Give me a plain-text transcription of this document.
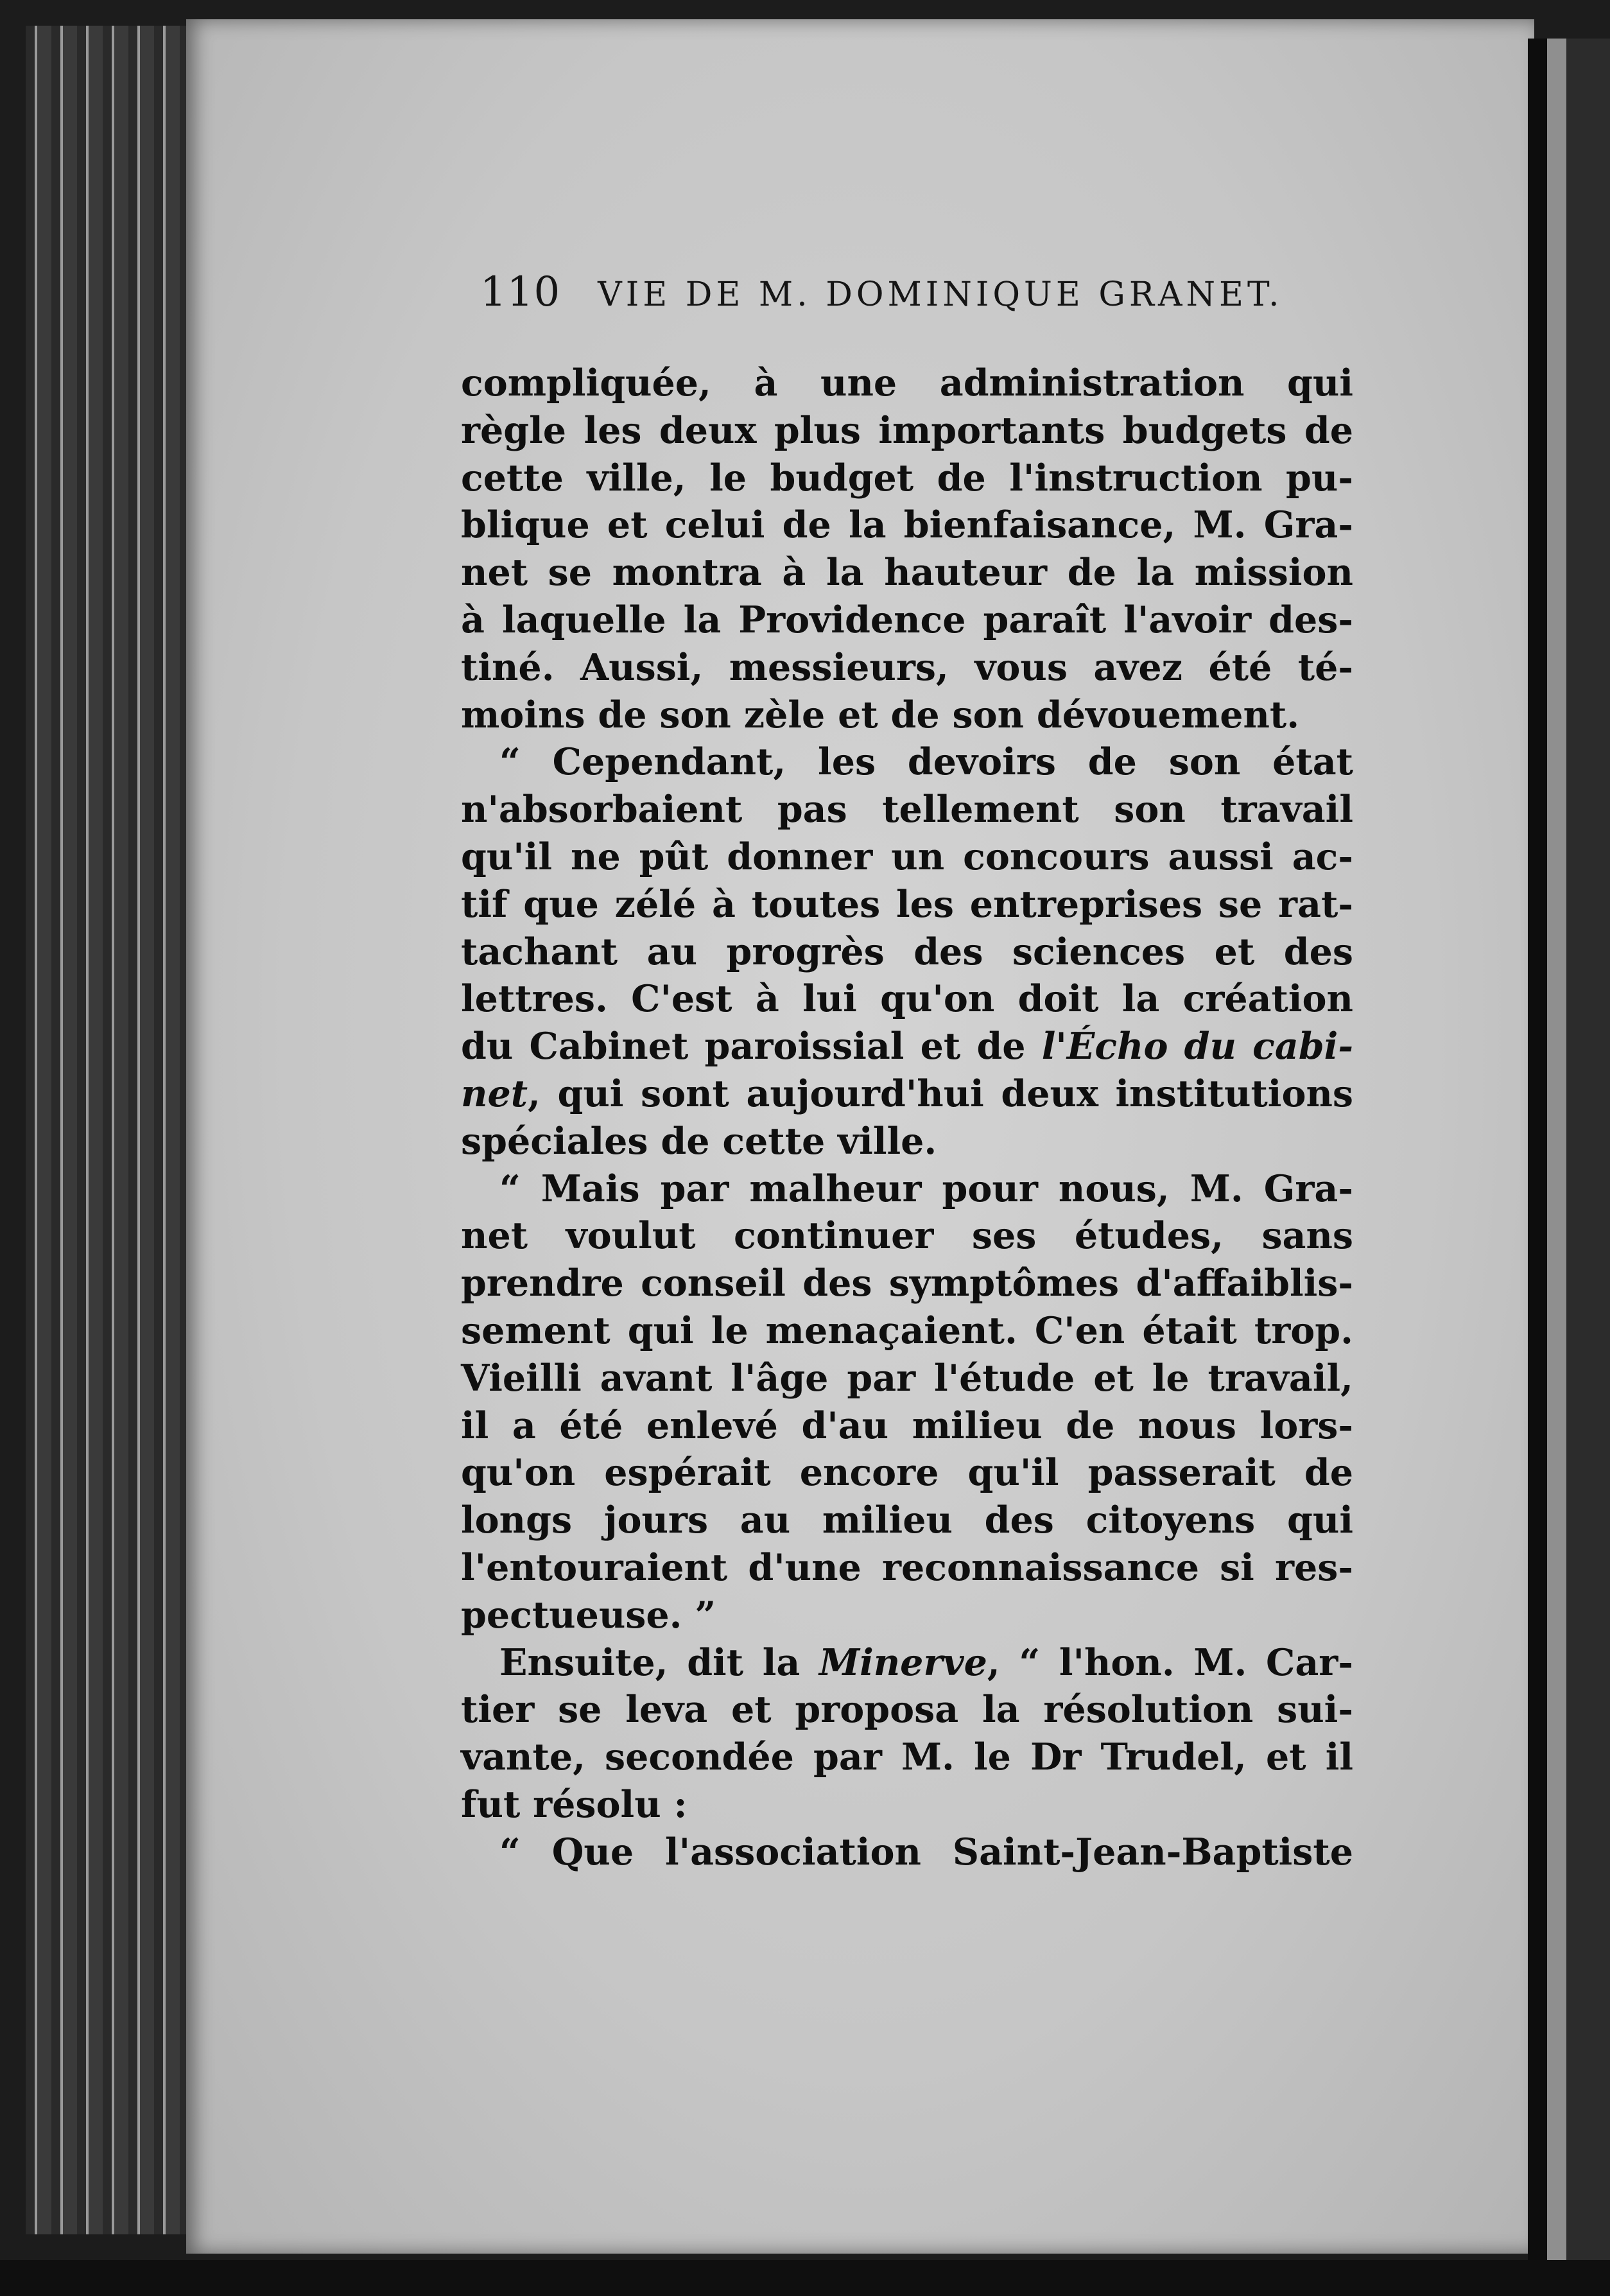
110 VIE DE M. DOMINIQUE GRANET.
compliquée, à une administration qui
règle les deux plus importants budgets de
cette ville, le budget de l'instruction pu-
blique et celui de la bienfaisance, M. Gra-
net se montra à la hauteur de la mission
à laquelle la Providence paraît l'avoir des-
tiné. Aussi, messieurs, vous avez été té-
moins de son zèle et de son dévouement.
“ Cependant, les devoirs de son état
n'absorbaient pas tellement son travail
qu'il ne pût donner un concours aussi ac-
tif que zélé à toutes les entreprises se rat-
tachant au progrès des sciences et des
lettres. C'est à lui qu'on doit la création
du Cabinet paroissial et de l'Écho du cabi-
net, qui sont aujourd'hui deux institutions
spéciales de cette ville.
“ Mais par malheur pour nous, M. Gra-
net voulut continuer ses études, sans
prendre conseil des symptômes d'affaiblis-
sement qui le menaçaient. C'en était trop.
Vieilli avant l'âge par l'étude et le travail,
il a été enlevé d'au milieu de nous lors-
qu'on espérait encore qu'il passerait de
longs jours au milieu des citoyens qui
l'entouraient d'une reconnaissance si res-
pectueuse. ”
Ensuite, dit la Minerve, “ l'hon. M. Car-
tier se leva et proposa la résolution sui-
vante, secondée par M. le Dr Trudel, et il
fut résolu :
“ Que l'association Saint-Jean-Baptiste
